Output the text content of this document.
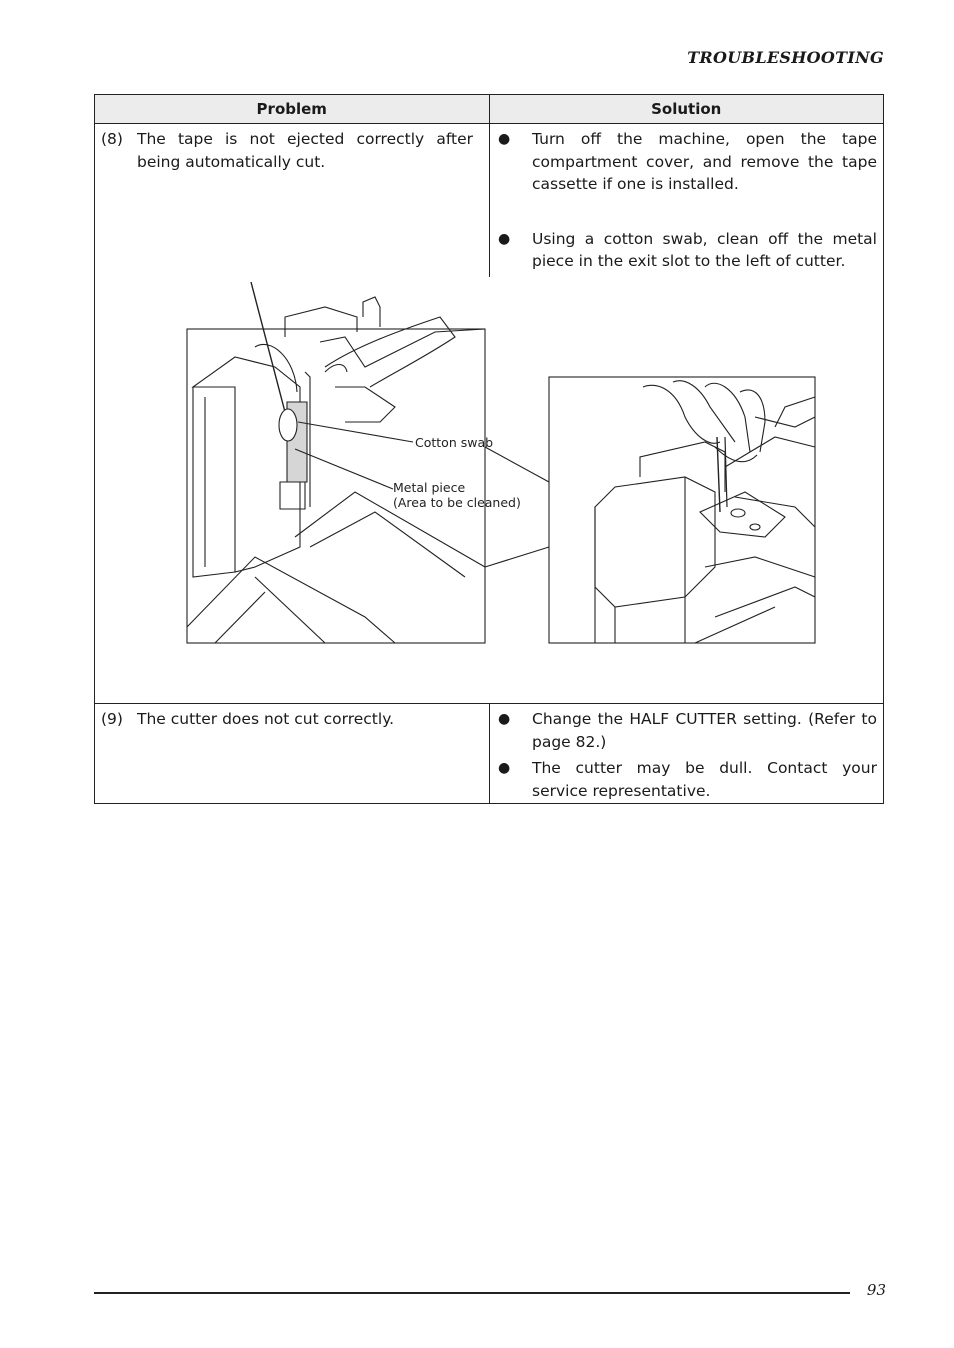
TROUBLESHOOTING
Problem	Solution
(8) The tape is not ejected correctly after being automatically cut.
●	Turn off the machine, open the tape compartment cover, and remove the tape cassette if one is installed.
●	Using a cotton swab, clean off the metal piece in the exit slot to the left of cutter.
Cotton swab
Metal piece
(Area to be cleaned)
(9) The cutter does not cut correctly.	●	Change the HALF CUTTER setting. (Refer to page 82.)
●	The cutter may be dull. Contact your service representative.
93
